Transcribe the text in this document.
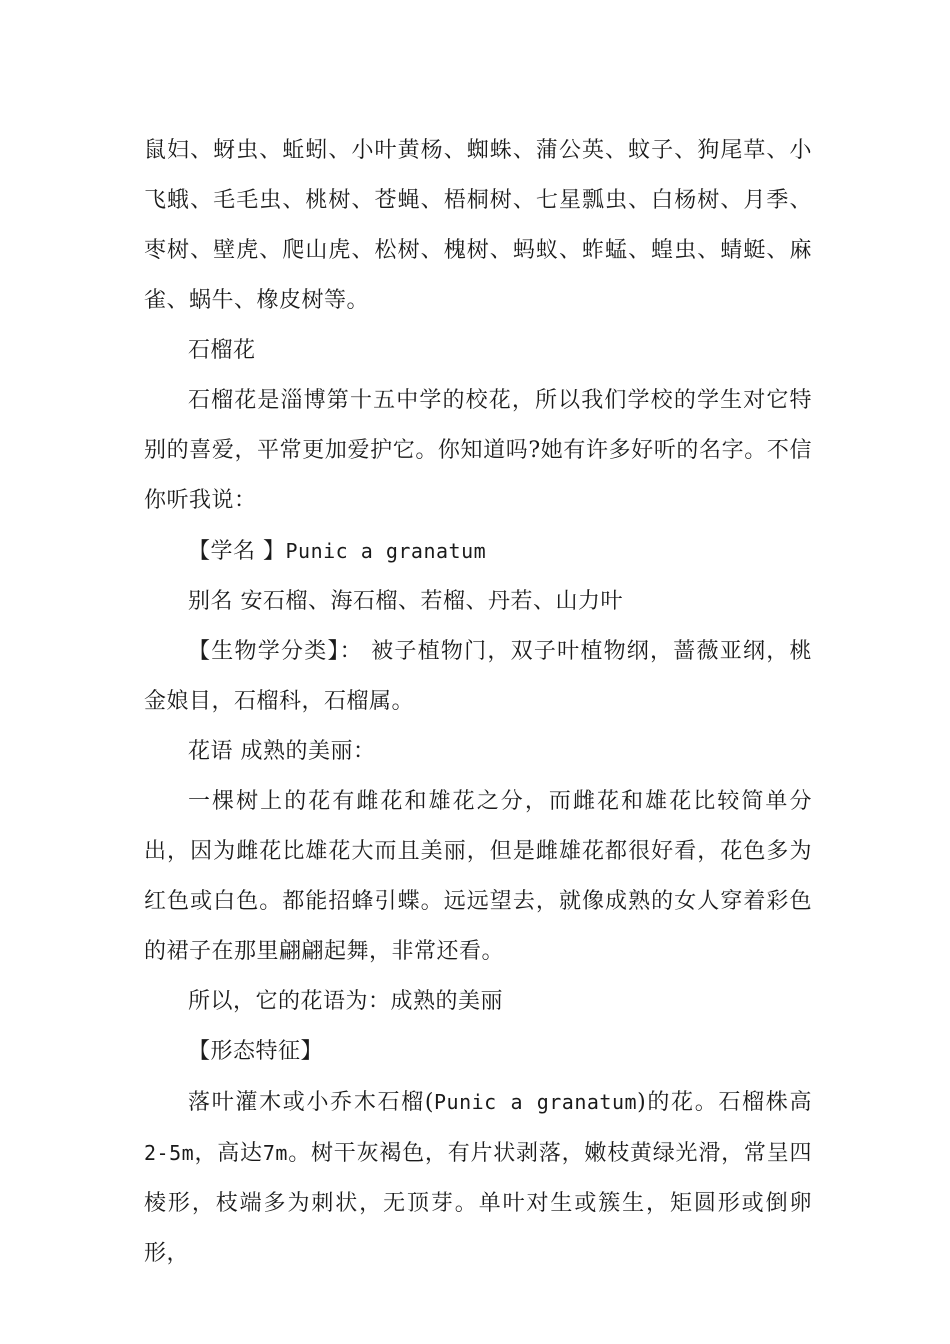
鼠妇、蚜虫、蚯蚓、小叶黄杨、蜘蛛、蒲公英、蚊子、狗尾草、小飞蛾、毛毛虫、桃树、苍蝇、梧桐树、七星瓢虫、白杨树、月季、枣树、壁虎、爬山虎、松树、槐树、蚂蚁、蚱蜢、蝗虫、蜻蜓、麻雀、蜗牛、橡皮树等。

石榴花

石榴花是淄博第十五中学的校花，所以我们学校的学生对它特别的喜爱，平常更加爱护它。你知道吗?她有许多好听的名字。不信你听我说：

【学名 】Punic a granatum

别名 安石榴、海石榴、若榴、丹若、山力叶

【生物学分类】： 被子植物门，双子叶植物纲，蔷薇亚纲，桃金娘目，石榴科，石榴属。

花语 成熟的美丽：

一棵树上的花有雌花和雄花之分，而雌花和雄花比较简单分出，因为雌花比雄花大而且美丽，但是雌雄花都很好看，花色多为红色或白色。都能招蜂引蝶。远远望去，就像成熟的女人穿着彩色的裙子在那里翩翩起舞，非常还看。

所以，它的花语为：成熟的美丽

【形态特征】

落叶灌木或小乔木石榴(Punic a granatum)的花。石榴株高2-5m，高达7m。树干灰褐色，有片状剥落，嫩枝黄绿光滑，常呈四棱形，枝端多为刺状，无顶芽。单叶对生或簇生，矩圆形或倒卵形，
